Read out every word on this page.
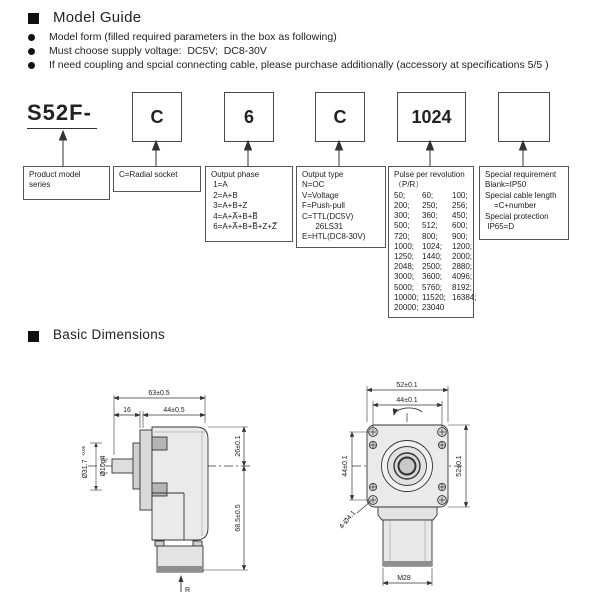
Model Guide
Model form (filled required parameters in the box as following)
Must choose supply voltage:  DC5V;  DC8-30V
If need coupling and spcial connecting cable, please purchase additionally (accessory at specifications 5/5 )
S52F-	C	6	C	1024
Product model
series
C=Radial socket	Output phase
1=A
2=A+B
3=A+B+Z
4=A+A̅+B+B̅
6=A+A̅+B+B̅+Z+Z̅
Output type
N=OC
V=Voltage
F=Push-pull
C=TTL(DC5V)
26LS31
E=HTL(DC8-30V)
Pulse per revolution
（P/R）
50;	60;	100;
200;	250;	256;
300;	360;	450;
500;	512;	600;
720;	800;	900;
1000; 1024;	1200;
1250; 1440;	2000;
2048; 2500;	2880;
3000; 3600;	4096;
5000; 5760;	8192;
10000; 11520; 16384;
20000; 23040
Special requirement
Blank=IP50
Special cable length
=C+number
Special protection
IP65=D
Basic Dimensions
63±0.5
16	44±0.5
26±0.1
68.5±0.5
Ø31.7
-0.05
Ø10g4
R
52±0.1
44±0.1
44±0.1	52±0.1
4-Ø4.1
M28
